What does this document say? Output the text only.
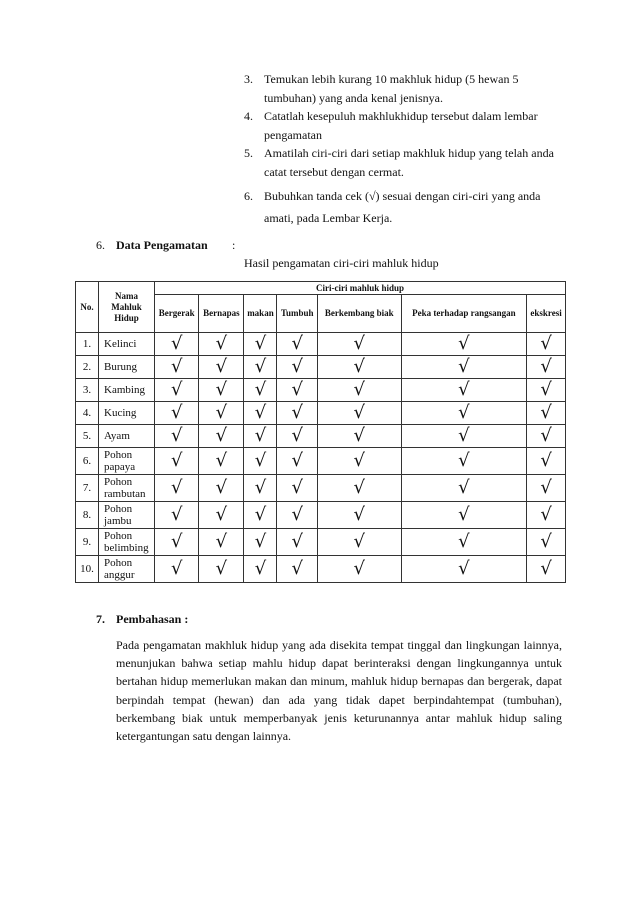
3. Temukan lebih kurang 10 makhluk hidup (5 hewan 5 tumbuhan) yang anda kenal jenisnya.
4. Catatlah kesepuluh makhlukhidup tersebut dalam lembar pengamatan
5. Amatilah ciri-ciri dari setiap makhluk hidup yang telah anda catat tersebut dengan cermat.
6. Bubuhkan tanda cek (√) sesuai dengan ciri-ciri yang anda amati, pada Lembar Kerja.
6. Data Pengamatan :
Hasil pengamatan ciri-ciri mahluk hidup
No.	Nama Mahluk Hidup	Ciri-ciri mahluk hidup						
		Bergerak	Bernapas	makan	Tumbuh	Berkembang biak	Peka terhadap rangsangan	ekskresi
1.	Kelinci	√	√	√	√	√	√	√
2.	Burung	√	√	√	√	√	√	√
3.	Kambing	√	√	√	√	√	√	√
4.	Kucing	√	√	√	√	√	√	√
5.	Ayam	√	√	√	√	√	√	√
6.	Pohon papaya	√	√	√	√	√	√	√
7.	Pohon rambutan	√	√	√	√	√	√	√
8.	Pohon jambu	√	√	√	√	√	√	√
9.	Pohon belimbing	√	√	√	√	√	√	√
10.	Pohon anggur	√	√	√	√	√	√	√
7. Pembahasan :
Pada pengamatan makhluk hidup yang ada disekita tempat tinggal dan lingkungan lainnya, menunjukan bahwa setiap mahlu hidup dapat berinteraksi dengan lingkungannya untuk bertahan hidup memerlukan makan dan minum, mahluk hidup bernapas dan bergerak, dapat berpindah tempat (hewan) dan ada yang tidak dapet berpindahtempat (tumbuhan), berkembang biak untuk memperbanyak jenis keturunannya antar mahluk hidup saling ketergantungan satu dengan lainnya.
